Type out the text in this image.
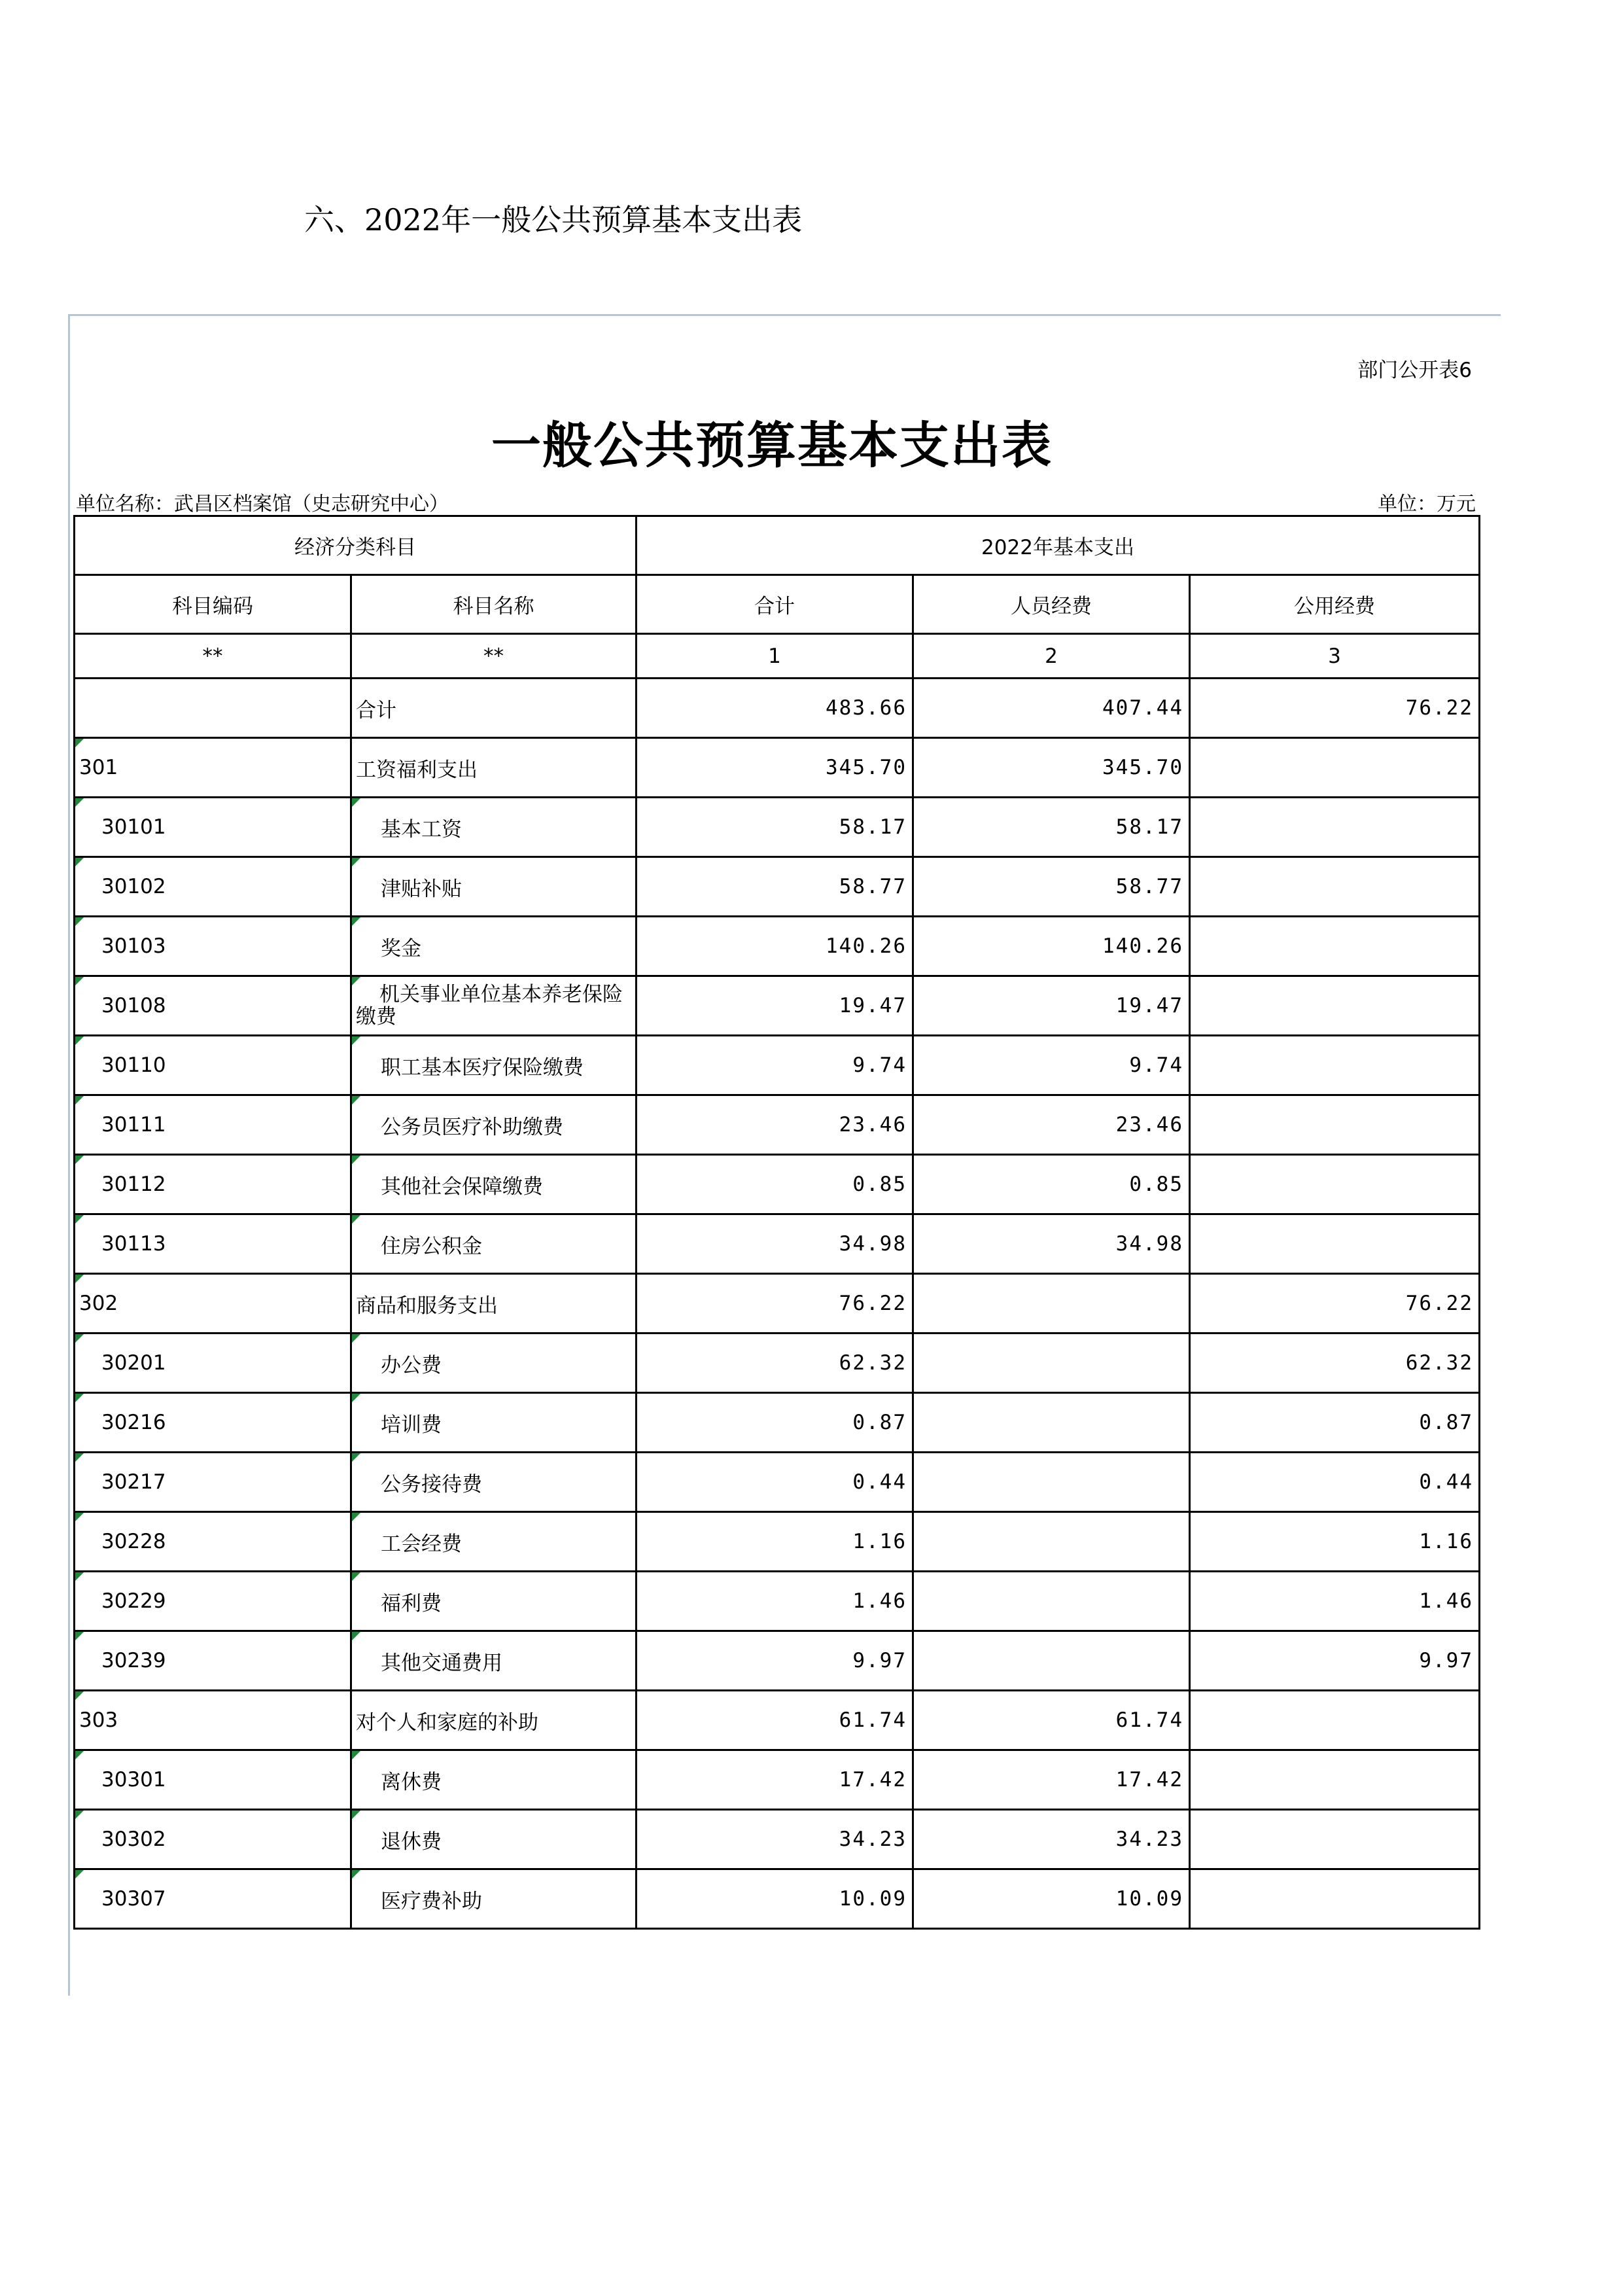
六、2022年一般公共预算基本支出表
部门公开表6
一般公共预算基本支出表
单位名称：武昌区档案馆（史志研究中心）	单位：万元
经济分类科目		2022年基本支出		
科目编码	科目名称	合计	人员经费	公用经费
**	**	1	2	3
	合计	483.66	407.44	76.22

301	工资福利支出	345.70	345.70	

30101	基本工资	58.17	58.17	

30102	津贴补贴	58.77	58.77	

30103	奖金	140.26	140.26	

30108	机关事业单位基本养老保险缴费	19.47	19.47	

30110	职工基本医疗保险缴费	9.74	9.74	

30111	公务员医疗补助缴费	23.46	23.46	

30112	其他社会保障缴费	0.85	0.85	

30113	住房公积金	34.98	34.98	

302	商品和服务支出	76.22		76.22

30201	办公费	62.32		62.32

30216	培训费	0.87		0.87

30217	公务接待费	0.44		0.44

30228	工会经费	1.16		1.16

30229	福利费	1.46		1.46

30239	其他交通费用	9.97		9.97

303	对个人和家庭的补助	61.74	61.74	

30301	离休费	17.42	17.42	

30302	退休费	34.23	34.23	

30307	医疗费补助	10.09	10.09	
